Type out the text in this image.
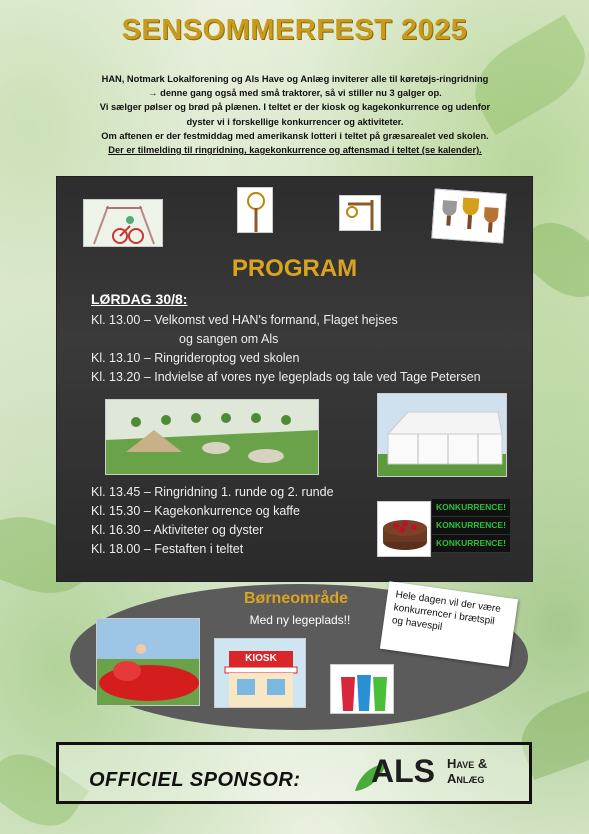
SENSOMMERFEST 2025
HAN, Notmark Lokalforening og Als Have og Anlæg inviterer alle til køretøjs-ringridning
→ denne gang også med små traktorer, så vi stiller nu 3 galger op.
Vi sælger pølser og brød på plænen. I teltet er der kiosk og kagekonkurrence og udenfor
dyster vi i forskellige konkurrencer og aktiviteter.
Om aftenen er der festmiddag med amerikansk lotteri i teltet på græsarealet ved skolen.
Der er tilmelding til ringridning, kagekonkurrence og aftensmad i teltet (se kalender).
PROGRAM
LØRDAG 30/8:
Kl. 13.00 – Velkomst ved HAN's formand, Flaget hejses
og sangen om Als
Kl. 13.10 – Ringrideroptog ved skolen
Kl. 13.20 – Indvielse af vores nye legeplads og tale ved Tage Petersen
Kl. 13.45 – Ringridning 1. runde og 2. runde
Kl. 15.30 – Kagekonkurrence og kaffe
Kl. 16.30 – Aktiviteter og dyster
Kl. 18.00 – Festaften i teltet
KONKURRENCE!
KONKURRENCE!
KONKURRENCE!
Børneområde
Med ny legeplads!!
Hele dagen vil der være konkurrencer i brætspil og havespil
KIOSK
OFFICIEL SPONSOR: ALS Have &
Anlæg
